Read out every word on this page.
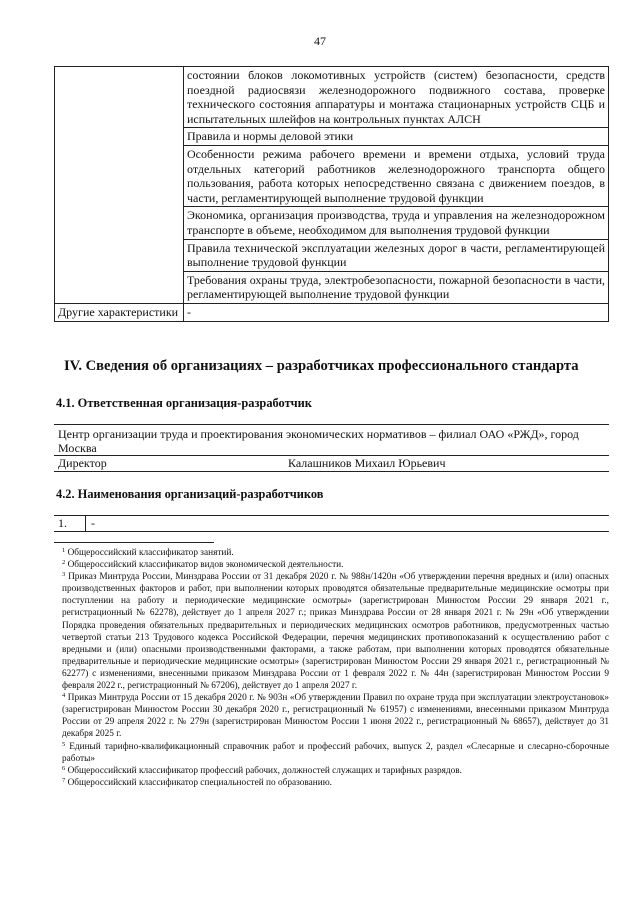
47
	состоянии блоков локомотивных устройств (систем) безопасности, средств поездной радиосвязи железнодорожного подвижного состава, проверке технического состояния аппаратуры и монтажа стационарных устройств СЦБ и испытательных шлейфов на контрольных пунктах АЛСН
	Правила и нормы деловой этики
	Особенности режима рабочего времени и времени отдыха, условий труда отдельных категорий работников железнодорожного транспорта общего пользования, работа которых непосредственно связана с движением поездов, в части, регламентирующей выполнение трудовой функции
	Экономика, организация производства, труда и управления на железнодорожном транспорте в объеме, необходимом для выполнения трудовой функции
	Правила технической эксплуатации железных дорог в части, регламентирующей выполнение трудовой функции
	Требования охраны труда, электробезопасности, пожарной безопасности в части, регламентирующей выполнение трудовой функции
Другие характеристики	-
IV. Сведения об организациях – разработчиках профессионального стандарта
4.1. Ответственная организация-разработчик
Центр организации труда и проектирования экономических нормативов – филиал ОАО «РЖД», город Москва
Директор	Калашников Михаил Юрьевич
4.2. Наименования организаций-разработчиков
1. -
$^1$ Общероссийский классификатор занятий.
$^2$ Общероссийский классификатор видов экономической деятельности.
$^3$ Приказ Минтруда России, Минздрава России от 31 декабря 2020 г. № 988н/1420н «Об утверждении перечня вредных и (или) опасных производственных факторов и работ, при выполнении которых проводятся обязательные предварительные медицинские осмотры при поступлении на работу и периодические медицинские осмотры» (зарегистрирован Минюстом России 29 января 2021 г., регистрационный № 62278), действует до 1 апреля 2027 г.; приказ Минздрава России от 28 января 2021 г. № 29н «Об утверждении Порядка проведения обязательных предварительных и периодических медицинских осмотров работников, предусмотренных частью четвертой статьи 213 Трудового кодекса Российской Федерации, перечня медицинских противопоказаний к осуществлению работ с вредными и (или) опасными производственными факторами, а также работам, при выполнении которых проводятся обязательные предварительные и периодические медицинские осмотры» (зарегистрирован Минюстом России 29 января 2021 г., регистрационный № 62277) с изменениями, внесенными приказом Минздрава России от 1 февраля 2022 г. № 44н (зарегистрирован Минюстом России 9 февраля 2022 г., регистрационный № 67206), действует до 1 апреля 2027 г.
$^4$ Приказ Минтруда России от 15 декабря 2020 г. № 903н «Об утверждении Правил по охране труда при эксплуатации электроустановок» (зарегистрирован Минюстом России 30 декабря 2020 г., регистрационный № 61957) с изменениями, внесенными приказом Минтруда России от 29 апреля 2022 г. № 279н (зарегистрирован Минюстом России 1 июня 2022 г., регистрационный № 68657), действует до 31 декабря 2025 г.
$^5$ Единый тарифно-квалификационный справочник работ и профессий рабочих, выпуск 2, раздел «Слесарные и слесарно-сборочные работы»
$^6$ Общероссийский классификатор профессий рабочих, должностей служащих и тарифных разрядов.
$^7$ Общероссийский классификатор специальностей по образованию.
